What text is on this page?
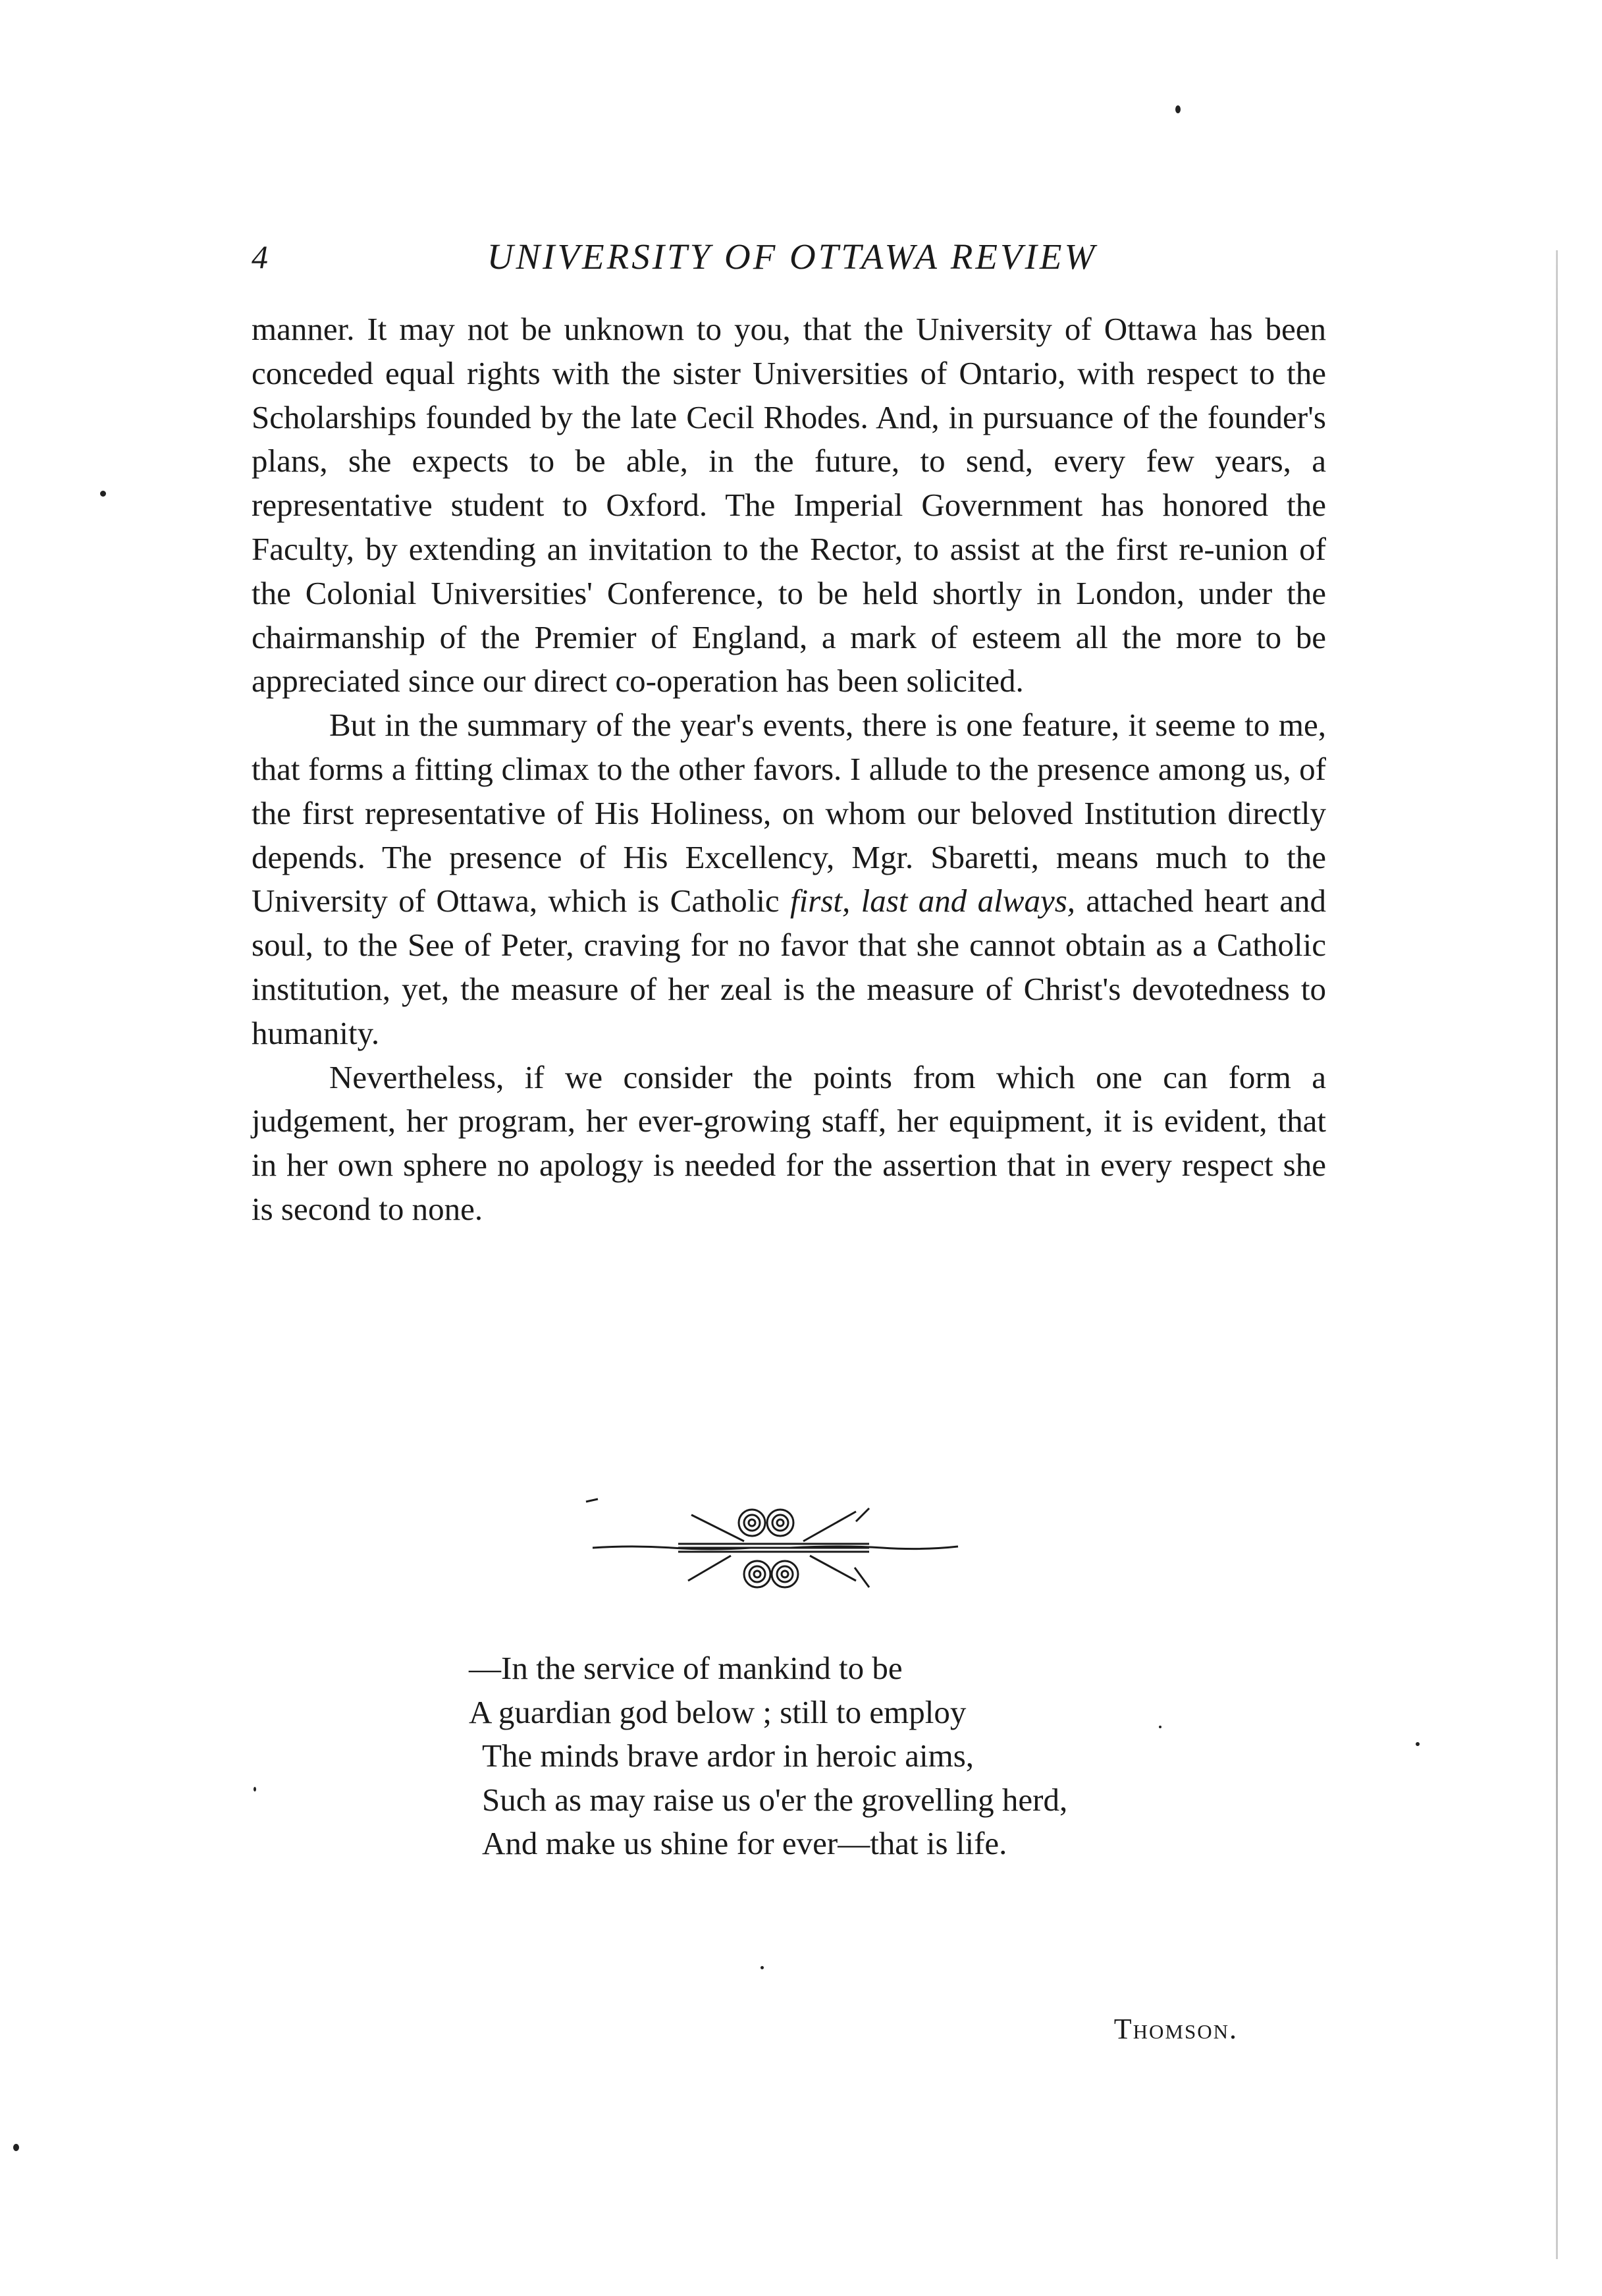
4	UNIVERSITY OF OTTAWA REVIEW

manner. It may not be unknown to you, that the University of Ottawa has been conceded equal rights with the sister Universities of Ontario, with respect to the Scholarships founded by the late Cecil Rhodes. And, in pursuance of the founder's plans, she expects to be able, in the future, to send, every few years, a representative student to Oxford. The Imperial Government has honored the Faculty, by extending an invitation to the Rector, to assist at the first re-union of the Colonial Universities' Conference, to be held shortly in London, under the chairmanship of the Premier of England, a mark of esteem all the more to be appreciated since our direct co-operation has been solicited.

But in the summary of the year's events, there is one feature, it seeme to me, that forms a fitting climax to the other favors. I allude to the presence among us, of the first representative of His Holiness, on whom our beloved Institution directly depends. The presence of His Excellency, Mgr. Sbaretti, means much to the University of Ottawa, which is Catholic first, last and always, attached heart and soul, to the See of Peter, craving for no favor that she cannot obtain as a Catholic institution, yet, the measure of her zeal is the measure of Christ's devotedness to humanity.

Nevertheless, if we consider the points from which one can form a judgement, her program, her ever-growing staff, her equipment, it is evident, that in her own sphere no apology is needed for the assertion that in every respect she is second to none.

—In the service of mankind to be
A guardian god below ; still to employ
The minds brave ardor in heroic aims,
Such as may raise us o'er the grovelling herd,
And make us shine for ever—that is life.
Thomson.
